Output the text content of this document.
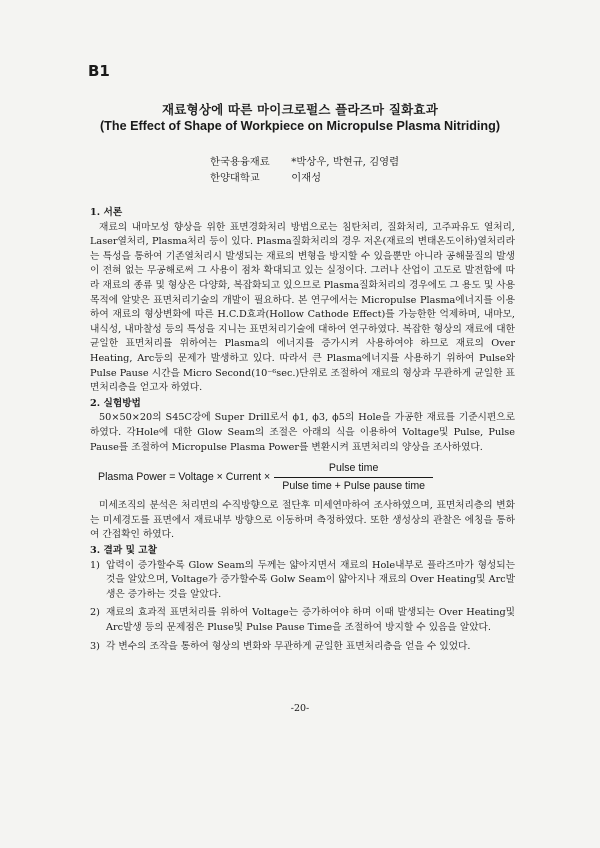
B1
재료형상에 따른 마이크로펄스 플라즈마 질화효과
(The Effect of Shape of Workpiece on Micropulse Plasma Nitriding)
한국용융재료 *박상우, 박현규, 김영렴
한양대학교	이재성
1. 서론

재료의 내마모성 향상을 위한 표면경화처리 방법으로는 침탄처리, 질화처리, 고주파유도 열처리, Laser열처리, Plasma처리 등이 있다. Plasma질화처리의 경우 저온(재료의 변태온도이하)열처리라는 특성을 통하여 기존열처리시 발생되는 재료의 변형을 방지할 수 있을뿐만 아니라 공해물질의 발생이 전혀 없는 무공해로써 그 사용이 점차 확대되고 있는 실정이다. 그러나 산업이 고도로 발전함에 따라 재료의 종류 및 형상은 다양화, 복잡화되고 있으므로 Plasma질화처리의 경우에도 그 용도 및 사용목적에 알맞은 표면처리기술의 개발이 필요하다. 본 연구에서는 Micropulse Plasma에너지를 이용하여 재료의 형상변화에 따른 H.C.D효과(Hollow Cathode Effect)를 가능한한 억제하며, 내마모, 내식성, 내마찰성 등의 특성을 지니는 표면처리기술에 대하여 연구하였다. 복잡한 형상의 재료에 대한 균일한 표면처리를 위하여는 Plasma의 에너지를 증가시켜 사용하여야 하므로 재료의 Over Heating, Arc등의 문제가 발생하고 있다. 따라서 큰 Plasma에너지를 사용하기 위하여 Pulse와 Pulse Pause 시간을 Micro Second(10⁻⁶sec.)단위로 조절하여 재료의 형상과 무관하게 균일한 표면처리층을 얻고자 하였다.

2. 실험방법

50×50×20의 S45C강에 Super Drill로서 ϕ1, ϕ3, ϕ5의 Hole을 가공한 재료를 기준시편으로 하였다. 각Hole에 대한 Glow Seam의 조절은 아래의 식을 이용하여 Voltage및 Pulse, Pulse Pause를 조절하여 Micropulse Plasma Power를 변환시켜 표면처리의 양상을 조사하였다.

Plasma Power = Voltage × Current × $\frac{\text{Pulse time}}{\text{Pulse time + Pulse pause time}}$

미세조직의 분석은 처리면의 수직방향으로 절단후 미세연마하여 조사하였으며, 표면처리층의 변화는 미세경도를 표면에서 재료내부 방향으로 이동하며 측정하였다. 또한 생성상의 관찰은 에칭을 통하여 간접확인 하였다.

3. 결과 및 고찰
1) 압력이 증가할수록 Glow Seam의 두께는 얇아지면서 재료의 Hole내부로 플라즈마가 형성되는 것을 알았으며, Voltage가 증가할수록 Golw Seam이 얇아지나 재료의 Over Heating및 Arc발생은 증가하는 것을 알았다.
2) 재료의 효과적 표면처리를 위하여 Voltage는 증가하여야 하며 이때 발생되는 Over Heating및 Arc발생 등의 문제점은 Pluse및 Pulse Pause Time을 조절하여 방지할 수 있음을 알았다.
3) 각 변수의 조작을 통하여 형상의 변화와 무관하게 균일한 표면처리층을 얻을 수 있었다.
-20-
